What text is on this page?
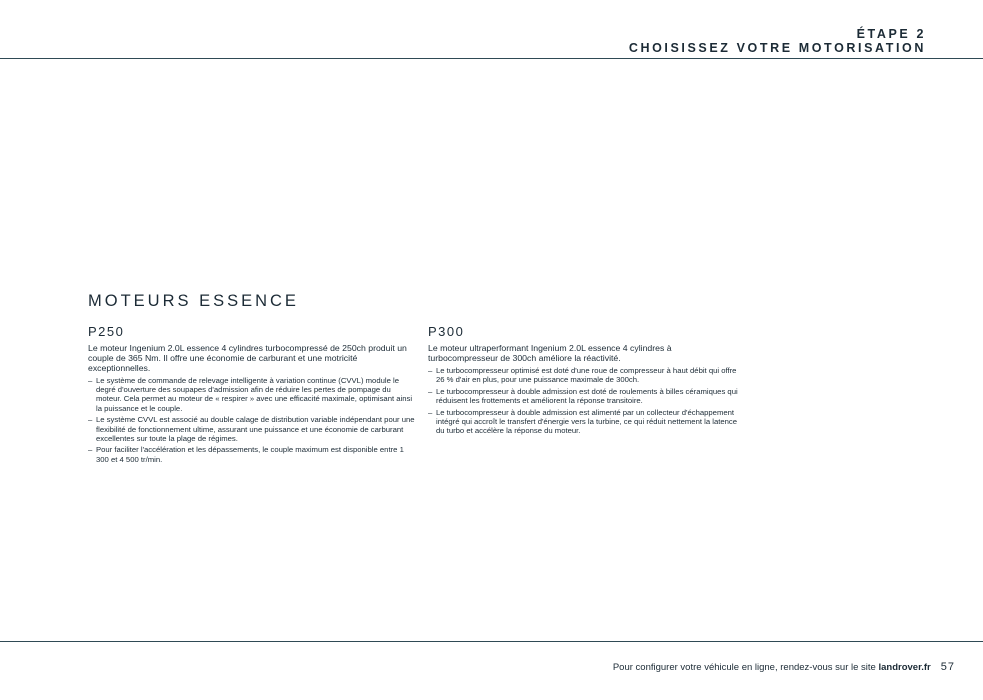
ÉTAPE 2
CHOISISSEZ VOTRE MOTORISATION
MOTEURS ESSENCE
P250

Le moteur Ingenium 2.0L essence 4 cylindres turbocompressé de 250ch produit un couple de 365 Nm. Il offre une économie de carburant et une motricité exceptionnelles.

– Le système de commande de relevage intelligente à variation continue (CVVL) module le degré d'ouverture des soupapes d'admission afin de réduire les pertes de pompage du moteur. Cela permet au moteur de « respirer » avec une efficacité maximale, optimisant ainsi la puissance et le couple.
– Le système CVVL est associé au double calage de distribution variable indépendant pour une flexibilité de fonctionnement ultime, assurant une puissance et une économie de carburant excellentes sur toute la plage de régimes.
– Pour faciliter l'accélération et les dépassements, le couple maximum est disponible entre 1 300 et 4 500 tr/min.
P300

Le moteur ultraperformant Ingenium 2.0L essence 4 cylindres à turbocompresseur de 300ch améliore la réactivité.

– Le turbocompresseur optimisé est doté d'une roue de compresseur à haut débit qui offre 26 % d'air en plus, pour une puissance maximale de 300ch.
– Le turbocompresseur à double admission est doté de roulements à billes céramiques qui réduisent les frottements et améliorent la réponse transitoire.
– Le turbocompresseur à double admission est alimenté par un collecteur d'échappement intégré qui accroît le transfert d'énergie vers la turbine, ce qui réduit nettement la latence du turbo et accélère la réponse du moteur.
Pour configurer votre véhicule en ligne, rendez-vous sur le site landrover.fr 57
